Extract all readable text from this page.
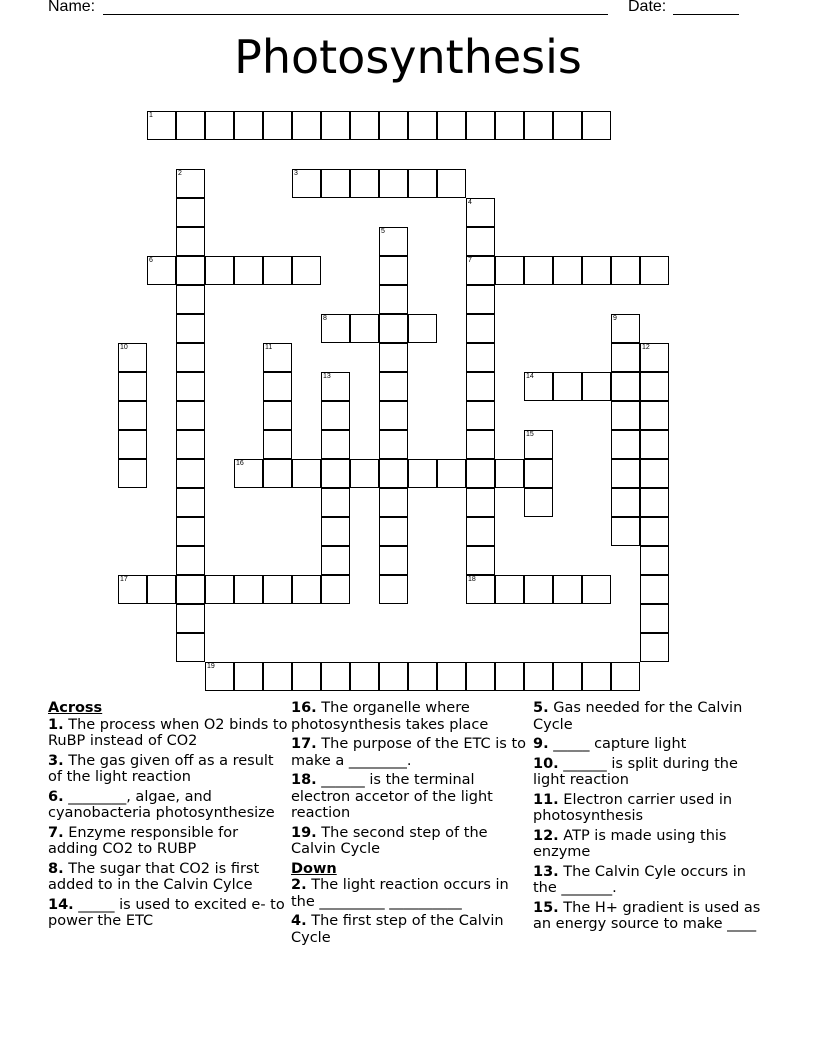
Name:	Date:
Photosynthesis
1
2	3
4
7
18
5
6
8	9
10	11	12
13	14
15
16
17
19
Across
1. The process when O2 binds to RuBP instead of CO2
3. The gas given off as a result of the light reaction
6. ________, algae, and cyanobacteria photosynthesize
7. Enzyme responsible for adding CO2 to RUBP
8. The sugar that CO2 is first added to in the Calvin Cylce
14. _____ is used to excited e- to power the ETC
16. The organelle where photosynthesis takes place
17. The purpose of the ETC is to make a ________.
18. ______ is the terminal electron accetor of the light reaction
19. The second step of the Calvin Cycle
Down
2. The light reaction occurs in the _________ __________
4. The first step of the Calvin Cycle
5. Gas needed for the Calvin Cycle
9. _____ capture light
10. ______ is split during the light reaction
11. Electron carrier used in photosynthesis
12. ATP is made using this enzyme
13. The Calvin Cyle occurs in the _______.
15. The H+ gradient is used as an energy source to make ____
